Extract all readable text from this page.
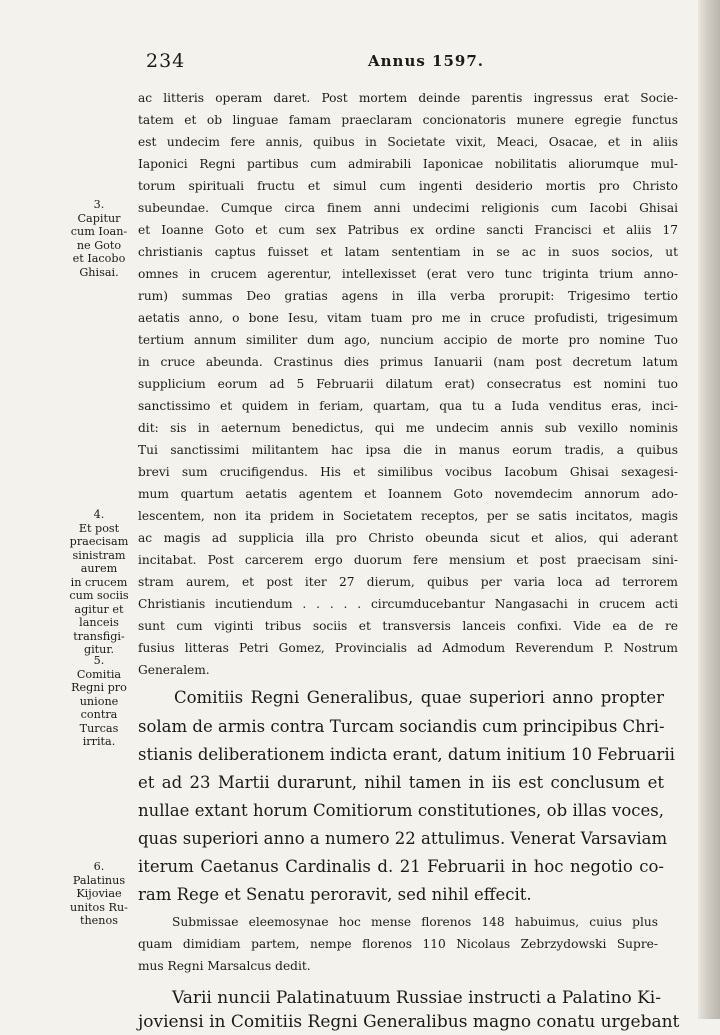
234	Annus 1597.
ac litteris operam daret. Post mortem deinde parentis ingressus erat Socie-
tatem et ob linguae famam praeclaram concionatoris munere egregie functus
est undecim fere annis, quibus in Societate vixit, Meaci, Osacae, et in aliis
Iaponici Regni partibus cum admirabili Iaponicae nobilitatis aliorumque mul-
torum spirituali fructu et simul cum ingenti desiderio mortis pro Christo
subeundae. Cumque circa finem anni undecimi religionis cum Iacobi Ghisai
et Ioanne Goto et cum sex Patribus ex ordine sancti Francisci et aliis 17
christianis captus fuisset et latam sententiam in se ac in suos socios, ut
omnes in crucem agerentur, intellexisset (erat vero tunc triginta trium anno-
rum) summas Deo gratias agens in illa verba prorupit: Trigesimo tertio
aetatis anno, o bone Iesu, vitam tuam pro me in cruce profudisti, trigesimum
tertium annum similiter dum ago, nuncium accipio de morte pro nomine Tuo
in cruce abeunda. Crastinus dies primus Ianuarii (nam post decretum latum
supplicium eorum ad 5 Februarii dilatum erat) consecratus est nomini tuo
sanctissimo et quidem in feriam, quartam, qua tu a Iuda venditus eras, inci-
dit: sis in aeternum benedictus, qui me undecim annis sub vexillo nominis
Tui sanctissimi militantem hac ipsa die in manus eorum tradis, a quibus
brevi sum crucifigendus. His et similibus vocibus Iacobum Ghisai sexagesi-
mum quartum aetatis agentem et Ioannem Goto novemdecim annorum ado-
lescentem, non ita pridem in Societatem receptos, per se satis incitatos, magis
ac magis ad supplicia illa pro Christo obeunda sicut et alios, qui aderant
incitabat. Post carcerem ergo duorum fere mensium et post praecisam sini-
stram aurem, et post iter 27 dierum, quibus per varia loca ad terrorem
Christianis incutiendum . . . . . circumducebantur Nangasachi in crucem acti
sunt cum viginti tribus sociis et transversis lanceis confixi. Vide ea de re
fusius litteras Petri Gomez, Provincialis ad Admodum Reverendum P. Nostrum
Generalem.
Comitiis Regni Generalibus, quae superiori anno propter
solam de armis contra Turcam sociandis cum principibus Chri-
stianis deliberationem indicta erant, datum initium 10 Februarii
et ad 23 Martii durarunt, nihil tamen in iis est conclusum et
nullae extant horum Comitiorum constitutiones, ob illas voces,
quas superiori anno a numero 22 attulimus. Venerat Varsaviam
iterum Caetanus Cardinalis d. 21 Februarii in hoc negotio co-
ram Rege et Senatu peroravit, sed nihil effecit.
Submissae eleemosynae hoc mense florenos 148 habuimus, cuius plus
quam dimidiam partem, nempe florenos 110 Nicolaus Zebrzydowski Supre-
mus Regni Marsalcus dedit.
Varii nuncii Palatinatuum Russiae instructi a Palatino Ki-
joviensi in Comitiis Regni Generalibus magno conatu urgebant
3.
Capitur
cum Ioan-
ne Goto
et Iacobo
Ghisai.
4.
Et post
praecisam
sinistram
aurem
in crucem
cum sociis
agitur et
lanceis
transfigi-
gitur.
5.
Comitia
Regni pro
unione
contra
Turcas
irrita.
6.
Palatinus
Kijoviae
unitos Ru-
thenos
